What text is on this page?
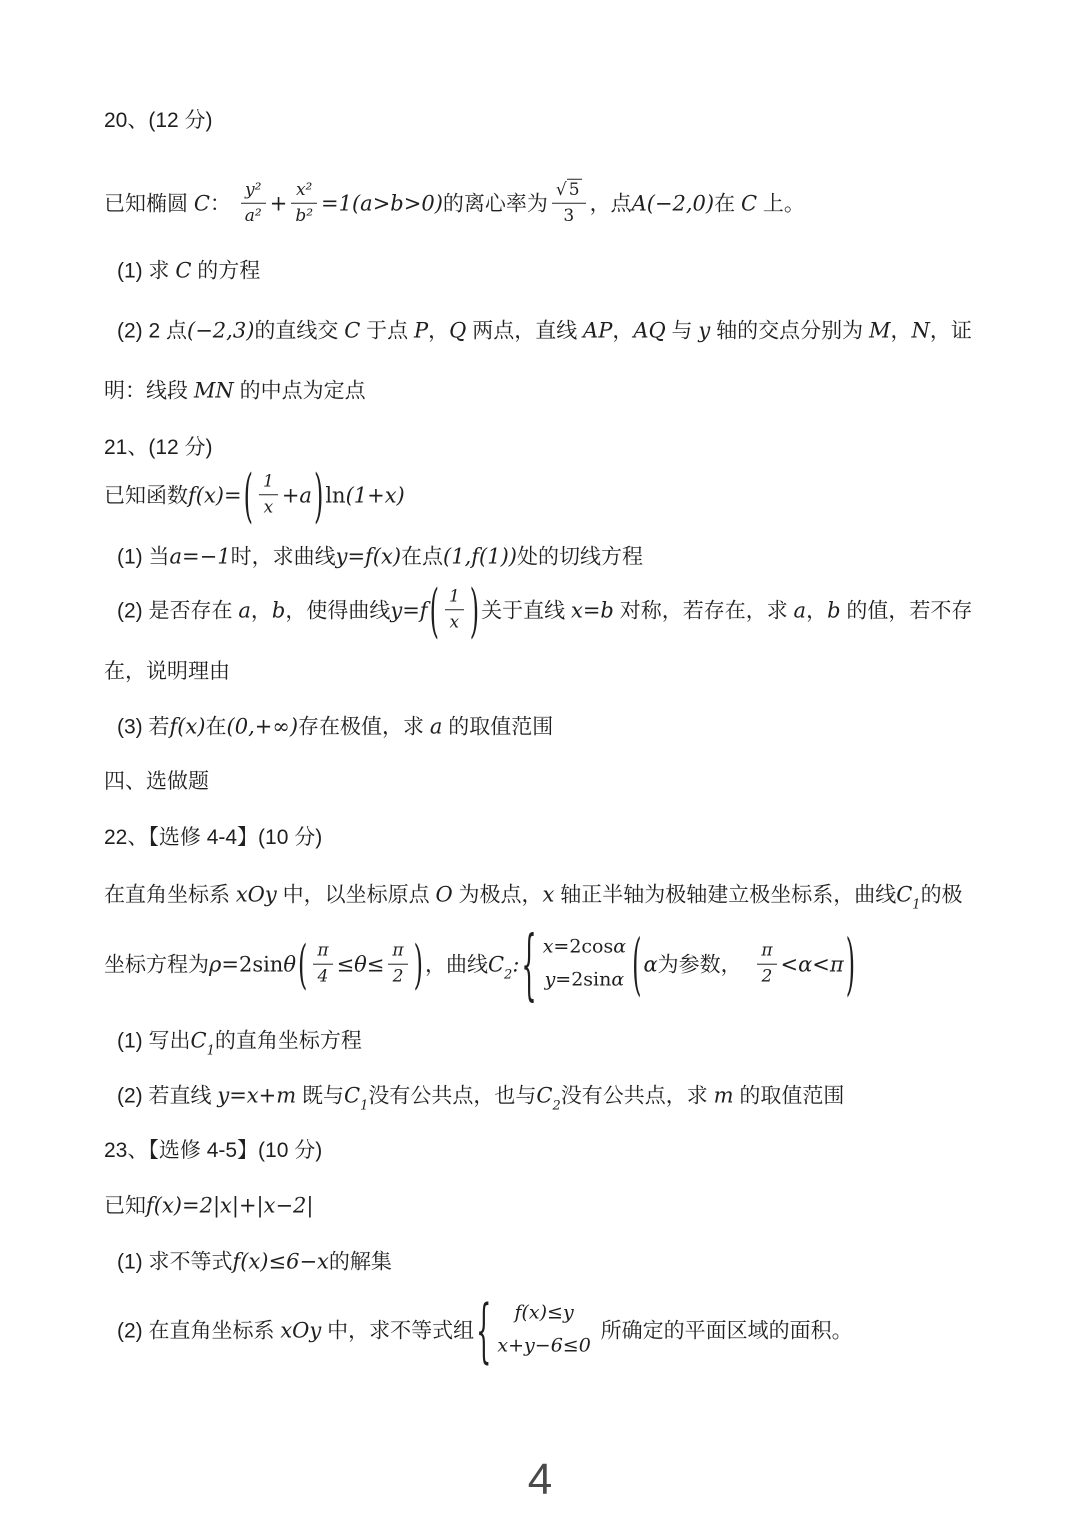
20、(12 分)
已知椭圆 C： $\frac{\text{y²}}{\text{a²}} + \frac{\text{x²}}{\text{b²}} =1(a>b>0)$的离心率为 $\frac{√ 5}{3}$ ，点A(−2,0)在 C 上。
(1) 求 C 的方程
(2) 2 点(−2,3)的直线交 C 于点 P，Q 两点，直线 AP，AQ 与 y 轴的交点分别为 M，N，证
明：线段 MN 的中点为定点
21、(12 分)
已知函数$f(x)=( \frac{1}{x} +a)\ln(1+x)$
(1) 当a=−1时，求曲线y=f(x)在点(1,f(1))处的切线方程
(2) 是否存在 a，b，使得曲线$y=f( \frac{1}{x}$ )关于直线 x=b 对称，若存在，求 a，b 的值，若不存
在，说明理由
(3) 若f(x)在(0,+∞)存在极值，求 a 的取值范围
四、选做题
22、【选修 4-4】(10 分)
在直角坐标系 xOy 中，以坐标原点 O 为极点，x 轴正半轴为极轴建立极坐标系，曲线$C_1$的极
坐标方程为$\rho=2\sin\theta( \frac{\pi}{4} \le\theta\le \frac{\pi}{2}$ )，曲线$C_2$:{ x=2cosα
y=2sinα (α为参数， $\frac{\pi}{2} <\alpha<\pi$)
(1) 写出$C_1$的直角坐标方程
(2) 若直线 y=x+m 既与$C_1$没有公共点，也与$C_2$没有公共点，求 m 的取值范围
23、【选修 4-5】(10 分)
已知f(x)=2|x|+|x−2|
(1) 求不等式f(x)≤6−x的解集
(2) 在直角坐标系 xOy 中，求不等式组{ f(x)≤y
x+y−6≤0
所确定的平面区域的面积。
4
